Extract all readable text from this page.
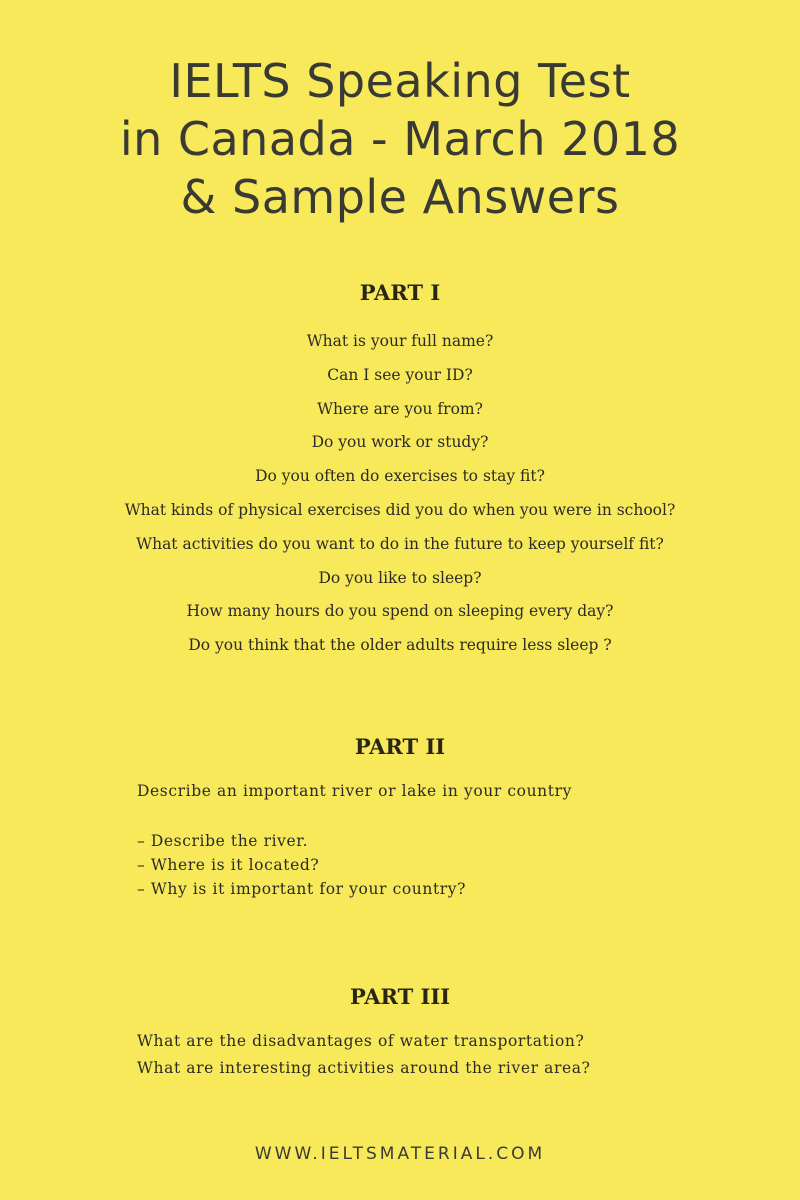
IELTS Speaking Test
in Canada - March 2018
& Sample Answers
PART I
What is your full name?
Can I see your ID?
Where are you from?
Do you work or study?
Do you often do exercises to stay fit?
What kinds of physical exercises did you do when you were in school?
What activities do you want to do in the future to keep yourself fit?
Do you like to sleep?
How many hours do you spend on sleeping every day?
Do you think that the older adults require less sleep ?
PART II
Describe an important river or lake in your country
– Describe the river.
– Where is it located?
– Why is it important for your country?
PART III
What are the disadvantages of water transportation?
What are interesting activities around the river area?
WWW.IELTSMATERIAL.COM
